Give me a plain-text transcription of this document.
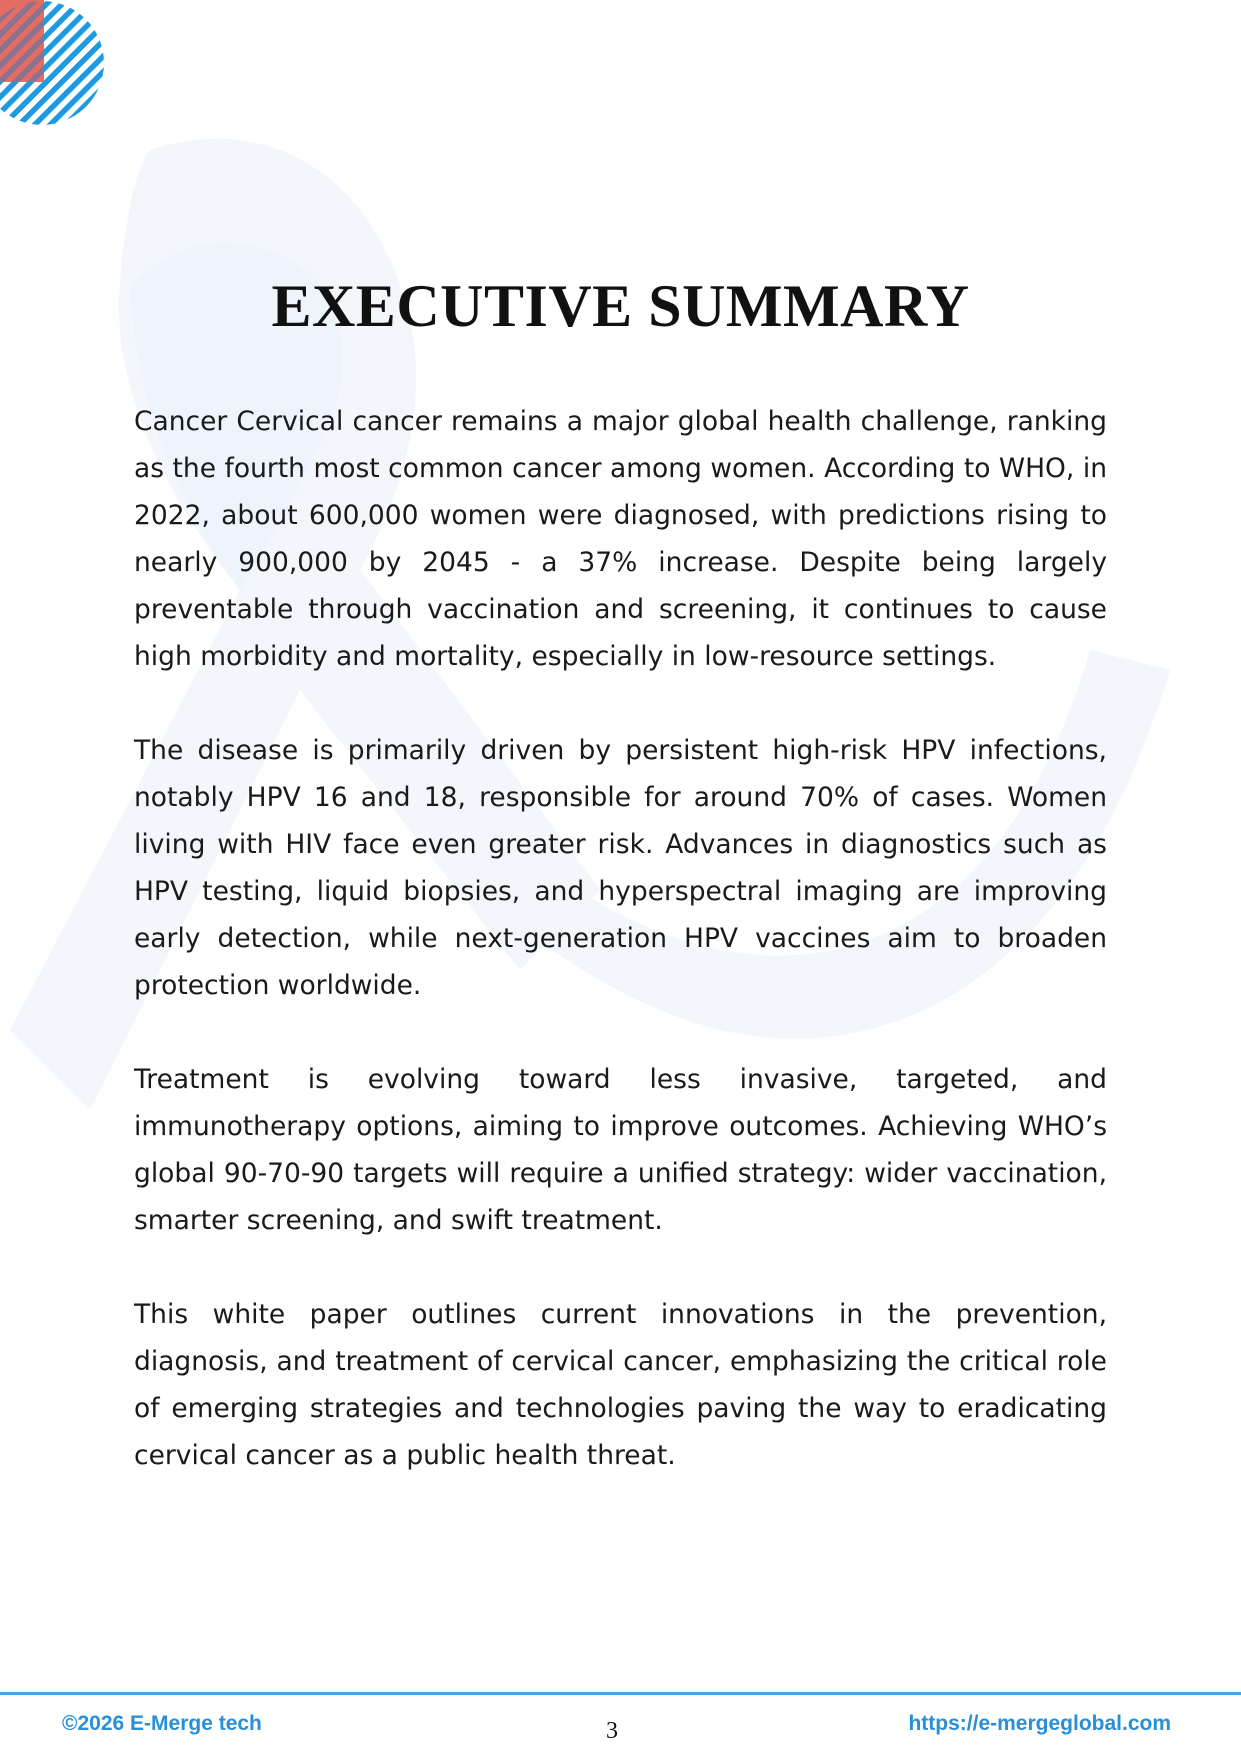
EXECUTIVE SUMMARY

Cancer Cervical cancer remains a major global health challenge, ranking as the fourth most common cancer among women. According to WHO, in 2022, about 600,000 women were diagnosed, with predictions rising to nearly 900,000 by 2045 - a 37% increase. Despite being largely preventable through vaccination and screening, it continues to cause high morbidity and mortality, especially in low-resource settings.

The disease is primarily driven by persistent high-risk HPV infections, notably HPV 16 and 18, responsible for around 70% of cases. Women living with HIV face even greater risk. Advances in diagnostics such as HPV testing, liquid biopsies, and hyperspectral imaging are improving early detection, while next-generation HPV vaccines aim to broaden protection worldwide.

Treatment is evolving toward less invasive, targeted, and immunotherapy options, aiming to improve outcomes. Achieving WHO’s global 90-70-90 targets will require a unified strategy: wider vaccination, smarter screening, and swift treatment.

This white paper outlines current innovations in the prevention, diagnosis, and treatment of cervical cancer, emphasizing the critical role of emerging strategies and technologies paving the way to eradicating cervical cancer as a public health threat.

©2026 E-Merge tech	3	https://e-mergeglobal.com
